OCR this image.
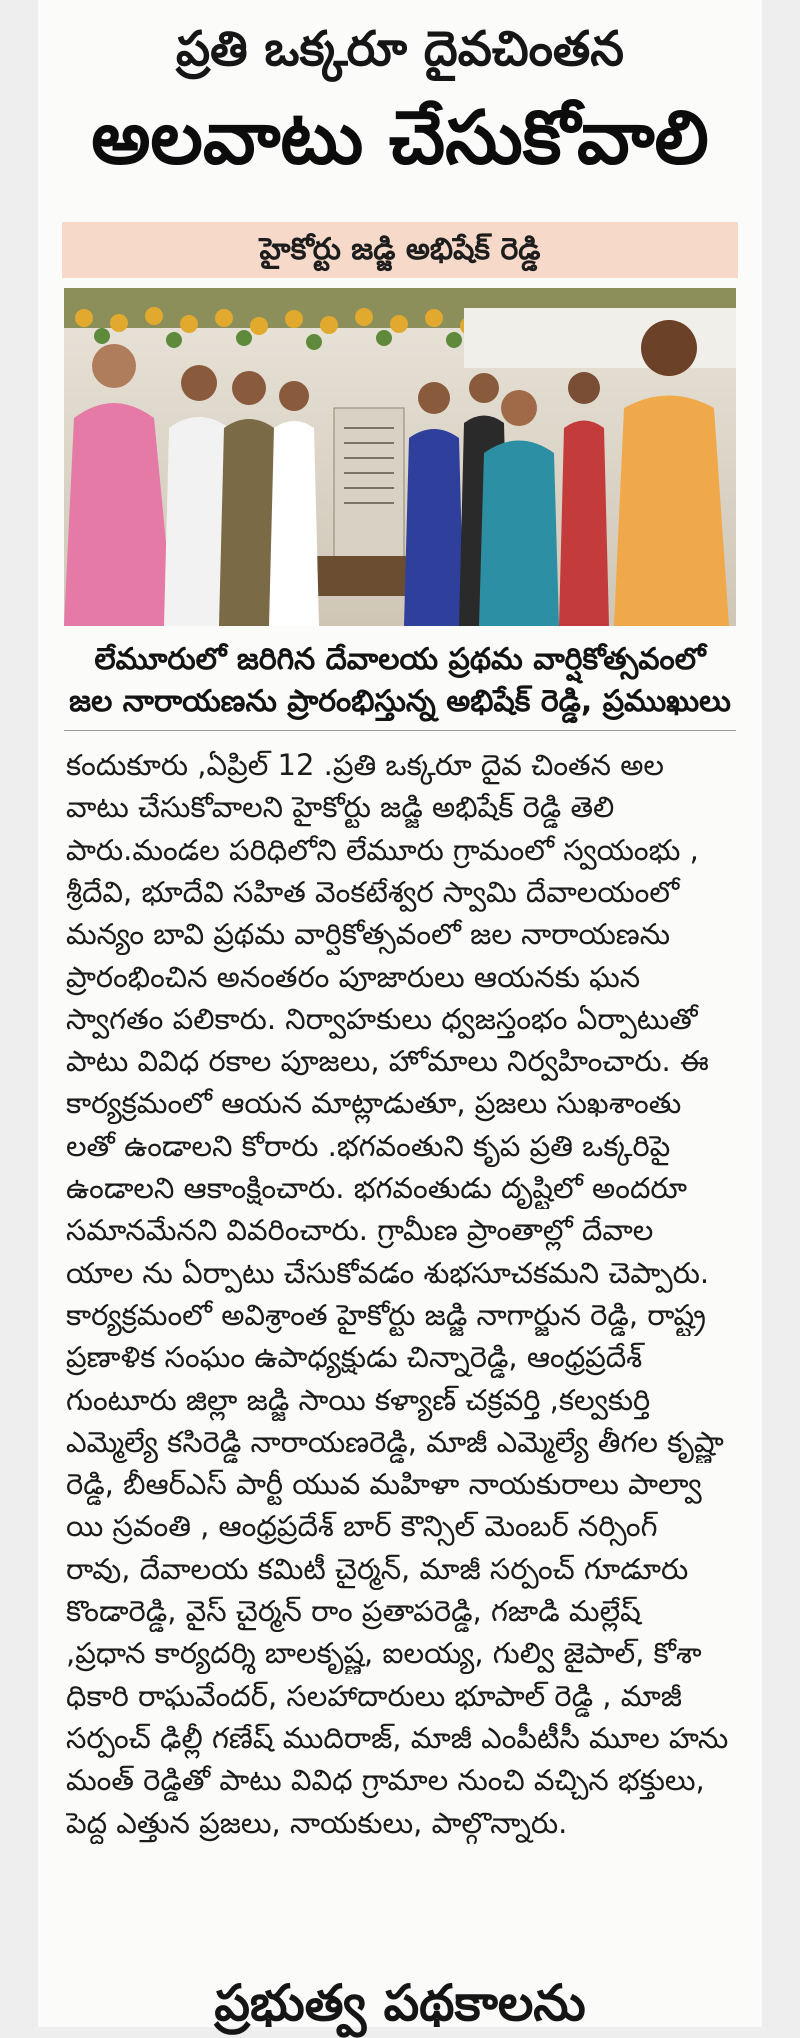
ప్రతి ఒక్కరూ దైవచింతన
అలవాటు చేసుకోవాలి
హైకోర్టు జడ్జి అభిషేక్ రెడ్డి
లేమూరులో జరిగిన దేవాలయ ప్రథమ వార్షికోత్సవంలో
జల నారాయణను ప్రారంభిస్తున్న అభిషేక్ రెడ్డి, ప్రముఖులు
కందుకూరు ,ఏప్రిల్ 12 .ప్రతి ఒక్కరూ దైవ చింతన అల
వాటు చేసుకోవాలని హైకోర్టు జడ్జి అభిషేక్ రెడ్డి తెలి
పారు.మండల పరిధిలోని లేమూరు గ్రామంలో స్వయంభు ,
శ్రీదేవి, భూదేవి సహిత వెంకటేశ్వర స్వామి దేవాలయంలో
మన్యం బావి ప్రథమ వార్షికోత్సవంలో జల నారాయణను
ప్రారంభించిన అనంతరం పూజారులు ఆయనకు ఘన
స్వాగతం పలికారు. నిర్వాహకులు ధ్వజస్తంభం ఏర్పాటుతో
పాటు వివిధ రకాల పూజలు, హోమాలు నిర్వహించారు. ఈ
కార్యక్రమంలో ఆయన మాట్లాడుతూ, ప్రజలు సుఖశాంతు
లతో ఉండాలని కోరారు .భగవంతుని కృప ప్రతి ఒక్కరిపై
ఉండాలని ఆకాంక్షించారు. భగవంతుడు దృష్టిలో అందరూ
సమానమేనని వివరించారు. గ్రామీణ ప్రాంతాల్లో దేవాల
యాల ను ఏర్పాటు చేసుకోవడం శుభసూచకమని చెప్పారు.
కార్యక్రమంలో అవిశ్రాంత హైకోర్టు జడ్జి నాగార్జున రెడ్డి, రాష్ట్ర
ప్రణాళిక సంఘం ఉపాధ్యక్షుడు చిన్నారెడ్డి, ఆంధ్రప్రదేశ్
గుంటూరు జిల్లా జడ్జి సాయి కళ్యాణ్ చక్రవర్తి ,కల్వకుర్తి
ఎమ్మెల్యే కసిరెడ్డి నారాయణరెడ్డి, మాజీ ఎమ్మెల్యే తీగల కృష్ణా
రెడ్డి, బీఆర్ఎస్ పార్టీ యువ మహిళా నాయకురాలు పాల్వా
యి స్రవంతి , ఆంధ్రప్రదేశ్ బార్ కౌన్సిల్ మెంబర్ నర్సింగ్
రావు, దేవాలయ కమిటీ చైర్మన్, మాజీ సర్పంచ్ గూడూరు
కొండారెడ్డి, వైస్ చైర్మన్ రాం ప్రతాపరెడ్డి, గజాడి మల్లేష్
,ప్రధాన కార్యదర్శి బాలకృష్ణ, ఐలయ్య, గుల్వి జైపాల్, కోశా
ధికారి రాఘవేందర్, సలహాదారులు భూపాల్ రెడ్డి , మాజీ
సర్పంచ్ ఢిల్లీ గణేష్ ముదిరాజ్, మాజీ ఎంపీటీసీ మూల హను
మంత్ రెడ్డితో పాటు వివిధ గ్రామాల నుంచి వచ్చిన భక్తులు,
పెద్ద ఎత్తున ప్రజలు, నాయకులు, పాల్గొన్నారు.
ప్రభుత్వ పథకాలను
